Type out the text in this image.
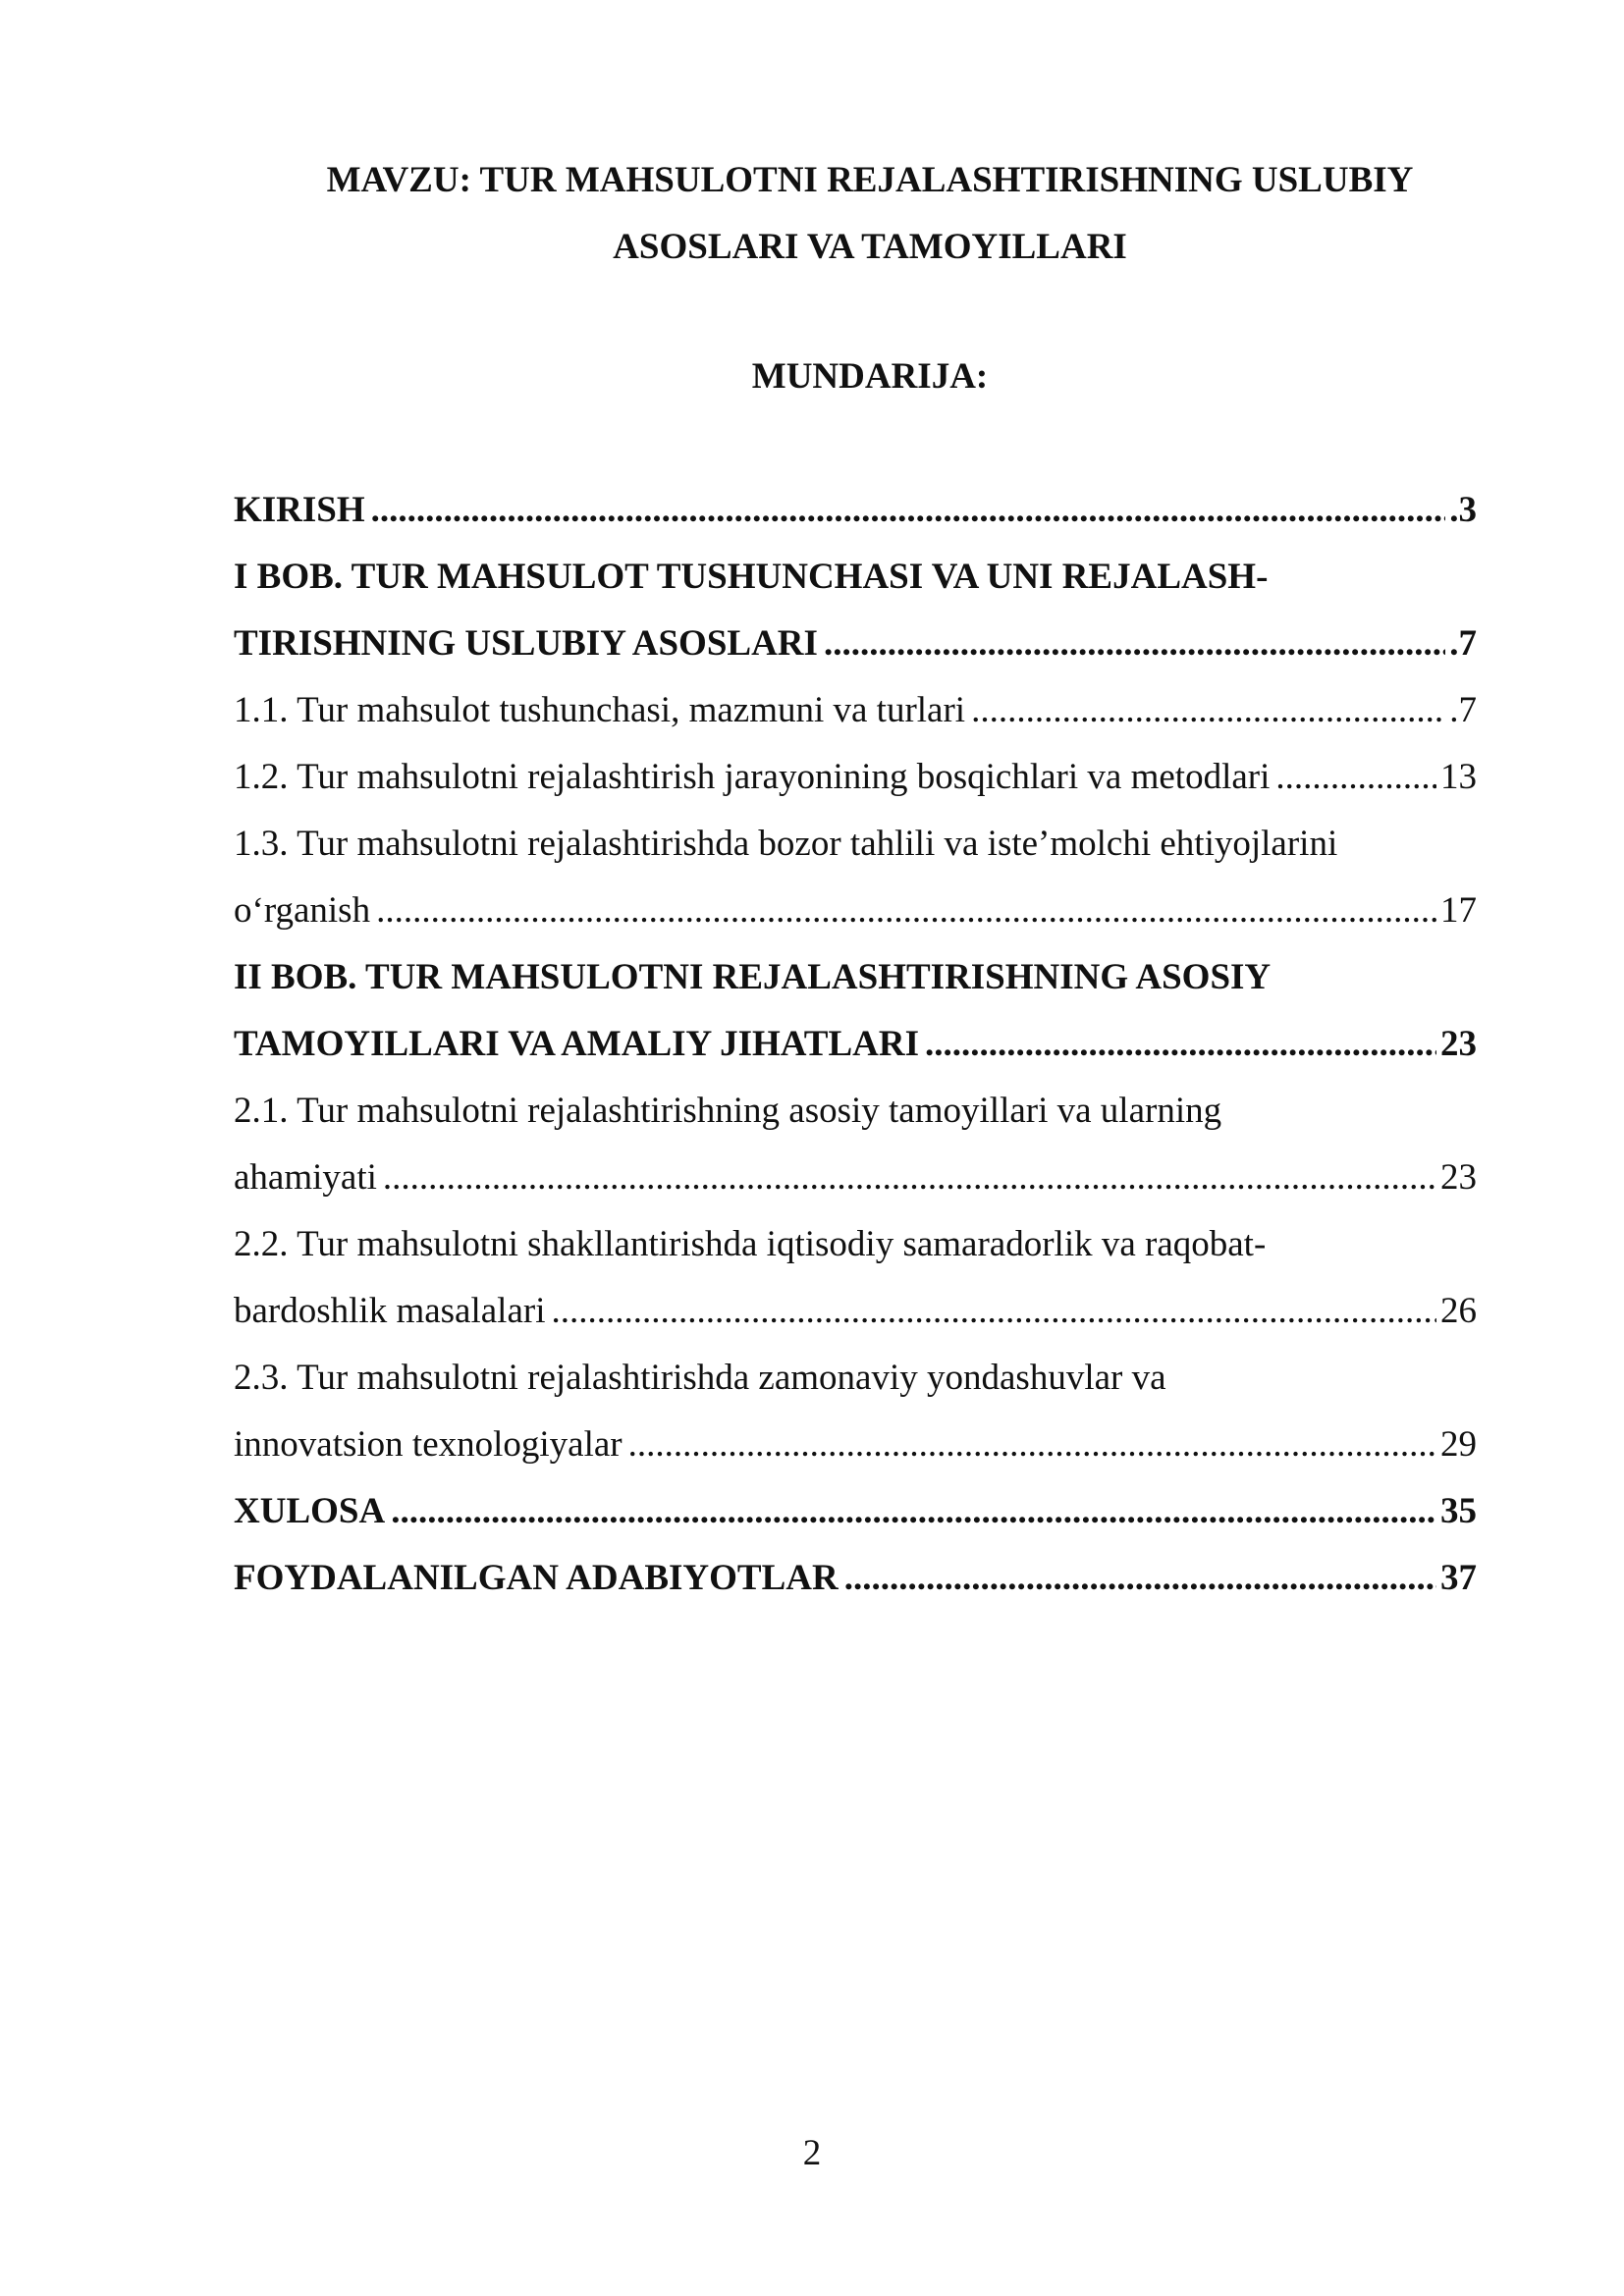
MAVZU: TUR MAHSULOTNI REJALASHTIRISHNING USLUBIY
ASOSLARI VA TAMOYILLARI
MUNDARIJA:
KIRISH .....	.3
I BOB. TUR MAHSULOT TUSHUNCHASI VA UNI REJALASH-
TIRISHNING USLUBIY ASOSLARI .....	.7
1.1. Tur mahsulot tushunchasi, mazmuni va turlari .....	.7
1.2. Tur mahsulotni rejalashtirish jarayonining bosqichlari va metodlari .....	13
1.3. Tur mahsulotni rejalashtirishda bozor tahlili va iste’molchi ehtiyojlarini
o‘rganish .....	17
II BOB. TUR MAHSULOTNI REJALASHTIRISHNING ASOSIY
TAMOYILLARI VA AMALIY JIHATLARI .....	23
2.1. Tur mahsulotni rejalashtirishning asosiy tamoyillari va ularning
ahamiyati .....	23
2.2. Tur mahsulotni shakllantirishda iqtisodiy samaradorlik va raqobat-
bardoshlik masalalari .....	26
2.3. Tur mahsulotni rejalashtirishda zamonaviy yondashuvlar va
innovatsion texnologiyalar .....	29
XULOSA .....	35
FOYDALANILGAN ADABIYOTLAR .....	37
2
